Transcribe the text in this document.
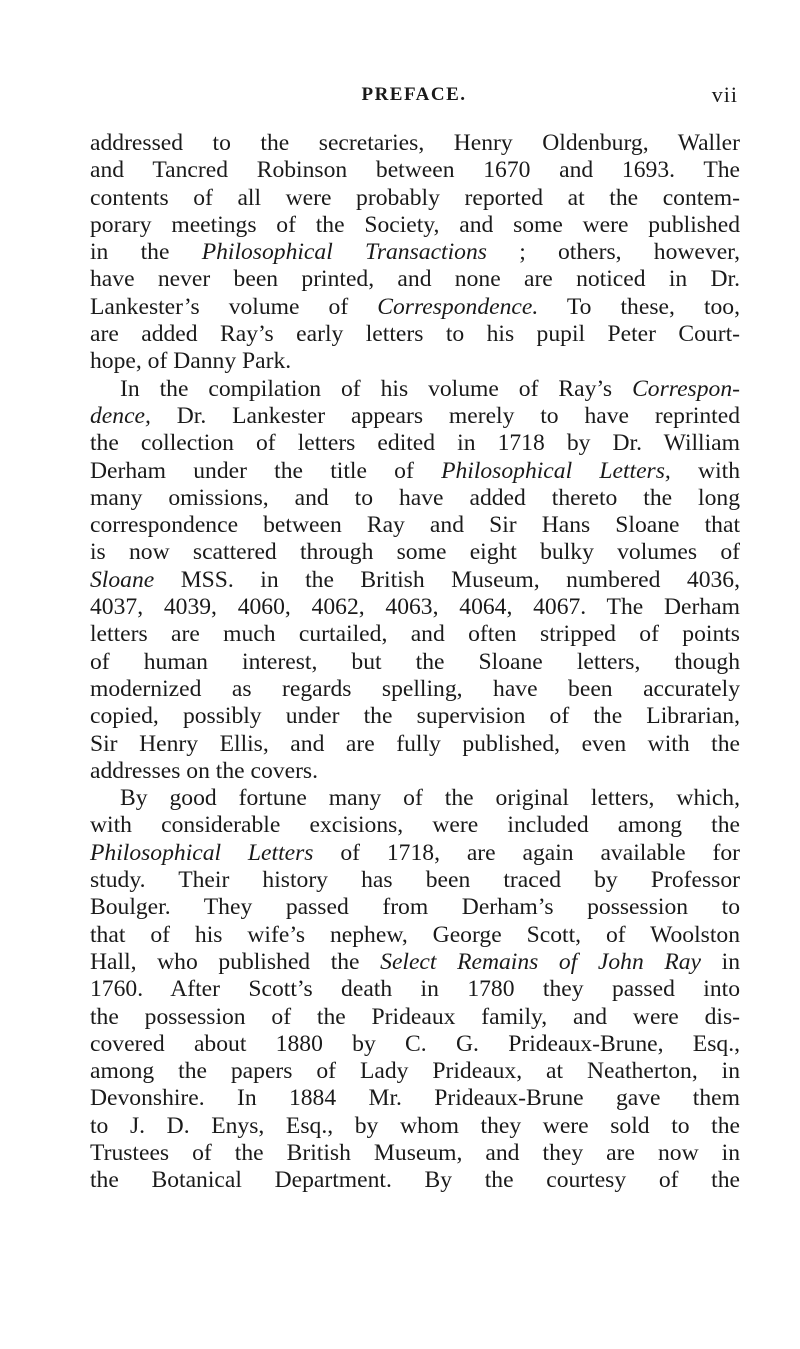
PREFACE.	vii
addressed to the secretaries, Henry Oldenburg, Waller
and Tancred Robinson between 1670 and 1693. The
contents of all were probably reported at the contem-
porary meetings of the Society, and some were published
in the Philosophical Transactions ; others, however,
have never been printed, and none are noticed in Dr.
Lankester’s volume of Correspondence. To these, too,
are added Ray’s early letters to his pupil Peter Court-
hope, of Danny Park.
In the compilation of his volume of Ray’s Correspon-
dence, Dr. Lankester appears merely to have reprinted
the collection of letters edited in 1718 by Dr. William
Derham under the title of Philosophical Letters, with
many omissions, and to have added thereto the long
correspondence between Ray and Sir Hans Sloane that
is now scattered through some eight bulky volumes of
Sloane MSS. in the British Museum, numbered 4036,
4037, 4039, 4060, 4062, 4063, 4064, 4067. The Derham
letters are much curtailed, and often stripped of points
of human interest, but the Sloane letters, though
modernized as regards spelling, have been accurately
copied, possibly under the supervision of the Librarian,
Sir Henry Ellis, and are fully published, even with the
addresses on the covers.
By good fortune many of the original letters, which,
with considerable excisions, were included among the
Philosophical Letters of 1718, are again available for
study. Their history has been traced by Professor
Boulger. They passed from Derham’s possession to
that of his wife’s nephew, George Scott, of Woolston
Hall, who published the Select Remains of John Ray in
1760. After Scott’s death in 1780 they passed into
the possession of the Prideaux family, and were dis-
covered about 1880 by C. G. Prideaux-Brune, Esq.,
among the papers of Lady Prideaux, at Neatherton, in
Devonshire. In 1884 Mr. Prideaux-Brune gave them
to J. D. Enys, Esq., by whom they were sold to the
Trustees of the British Museum, and they are now in
the Botanical Department. By the courtesy of the
